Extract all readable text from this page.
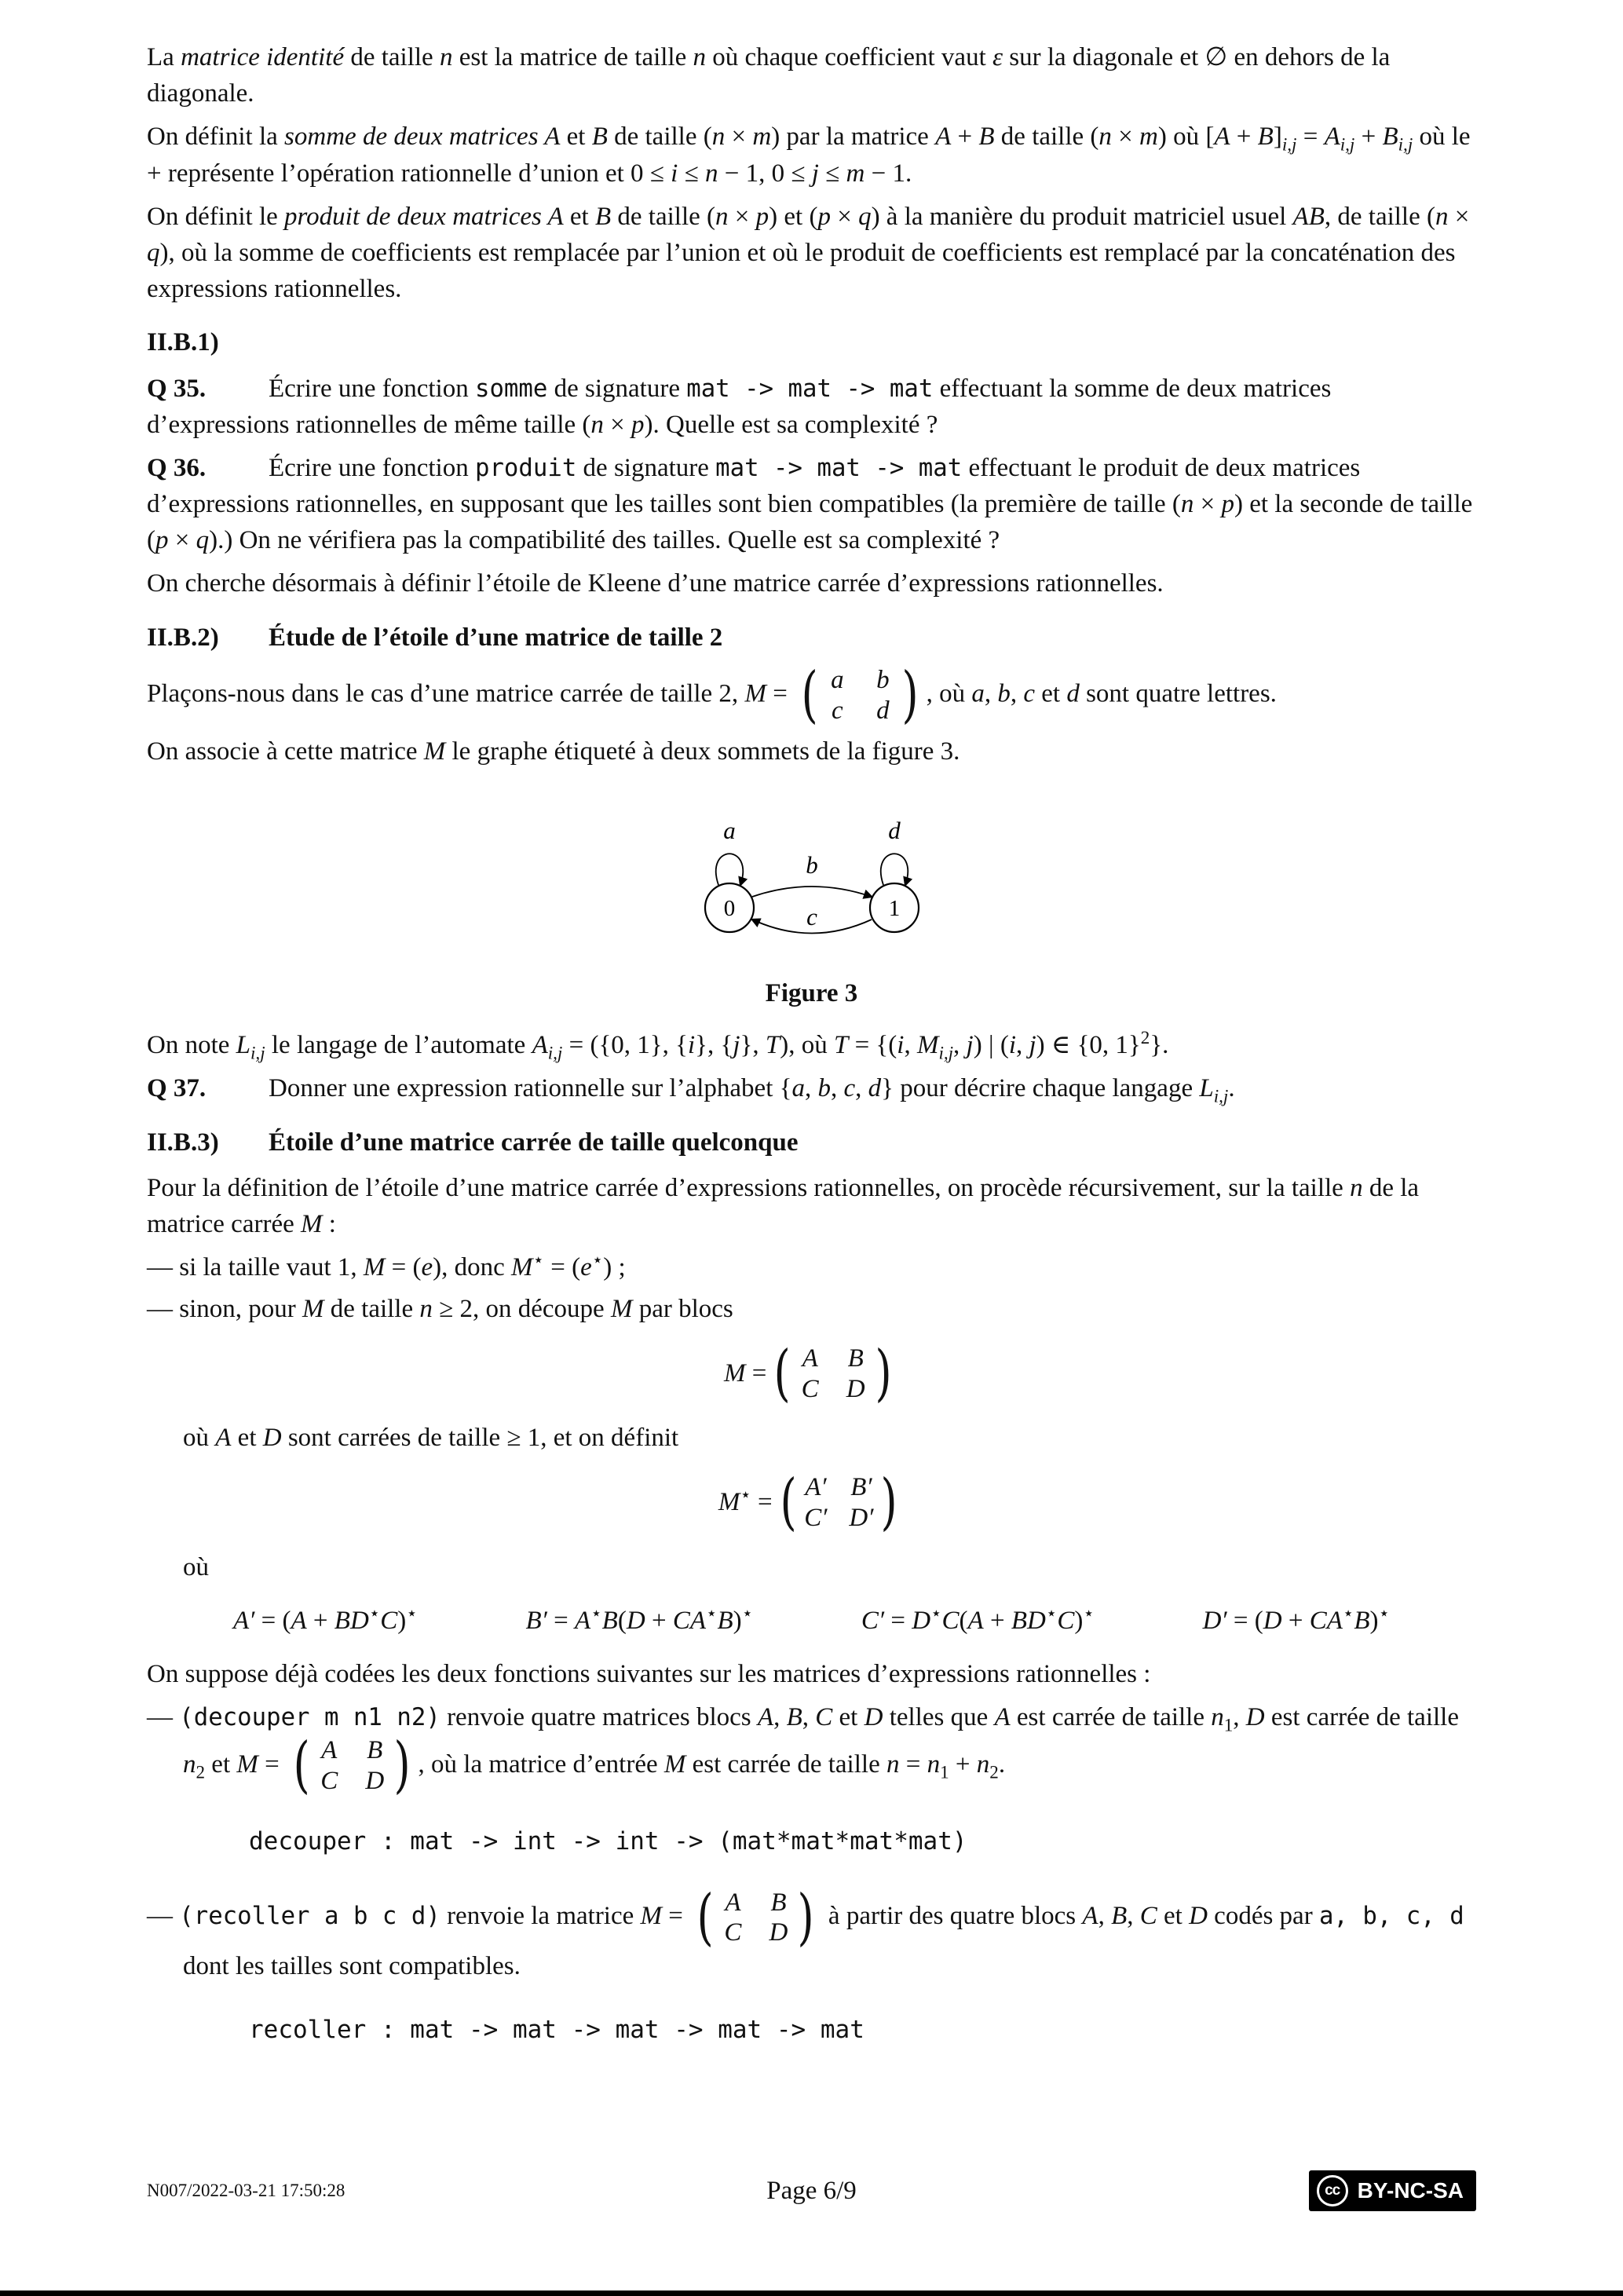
La matrice identité de taille n est la matrice de taille n où chaque coefficient vaut ε sur la diagonale et ∅ en dehors de la diagonale.

On définit la somme de deux matrices A et B de taille (n × m) par la matrice A + B de taille (n × m) où $[A + B]_{i,j} = A_{i,j} + B_{i,j}$ où le + représente l’opération rationnelle d’union et 0 ≤ i ≤ n − 1, 0 ≤ j ≤ m − 1.

On définit le produit de deux matrices A et B de taille (n × p) et (p × q) à la manière du produit matriciel usuel AB, de taille (n × q), où la somme de coefficients est remplacée par l’union et où le produit de coefficients est remplacé par la concaténation des expressions rationnelles.

II.B.1)

Q 35. Écrire une fonction somme de signature mat -> mat -> mat effectuant la somme de deux matrices d’expressions rationnelles de même taille (n × p). Quelle est sa complexité ?

Q 36. Écrire une fonction produit de signature mat -> mat -> mat effectuant le produit de deux matrices d’expressions rationnelles, en supposant que les tailles sont bien compatibles (la première de taille (n × p) et la seconde de taille (p × q).) On ne vérifiera pas la compatibilité des tailles. Quelle est sa complexité ?

On cherche désormais à définir l’étoile de Kleene d’une matrice carrée d’expressions rationnelles.

II.B.2) Étude de l’étoile d’une matrice de taille 2

Plaçons-nous dans le cas d’une matrice carrée de taille 2, M = ( a b
c d ) , où a, b, c et d sont quatre lettres.

On associe à cette matrice M le graphe étiqueté à deux sommets de la figure 3.

0	1
a	d
b
c
Figure 3

On note $L_{i,j}$ le langage de l’automate $A_{i,j} = (\{0$, 1}, {i}, {j}, T), où T = {(i, $M_{i,j}$, j) | (i, j) ∈ {0, 1}$^2$}.

Q 37. Donner une expression rationnelle sur l’alphabet {a, b, c, d} pour décrire chaque langage $L_{i,j}$.

II.B.3) Étoile d’une matrice carrée de taille quelconque

Pour la définition de l’étoile d’une matrice carrée d’expressions rationnelles, on procède récursivement, sur la taille n de la matrice carrée M :

— si la taille vaut 1, M = (e), donc M⋆ = (e⋆) ;

— sinon, pour M de taille n ≥ 2, on découpe M par blocs

M = ( A B
C D )

où A et D sont carrées de taille ≥ 1, et on définit

M⋆ = ( A′ B′
C′ D′ )

où

A′ = (A + BD⋆C)⋆	B′ = A⋆B(D + CA⋆B)⋆	C′ = D⋆C(A + BD⋆C)⋆	D′ = (D + CA⋆B)⋆

On suppose déjà codées les deux fonctions suivantes sur les matrices d’expressions rationnelles :

— (decouper m n1 n2) renvoie quatre matrices blocs A, B, C et D telles que A est carrée de taille $n_1$, D est carrée de taille $n_2$ et M = ( A B
C D ) , où la matrice d’entrée M est carrée de taille $n = n_1 + n_2$.

decouper : mat -> int -> int -> (mat*mat*mat*mat)

— (recoller a b c d) renvoie la matrice M = ( A B
C D ) à partir des quatre blocs A, B, C et D codés par a, b, c, d dont les tailles sont compatibles.

recoller : mat -> mat -> mat -> mat -> mat
N007/2022-03-21 17:50:28	Page 6/9	cc BY-NC-SA
